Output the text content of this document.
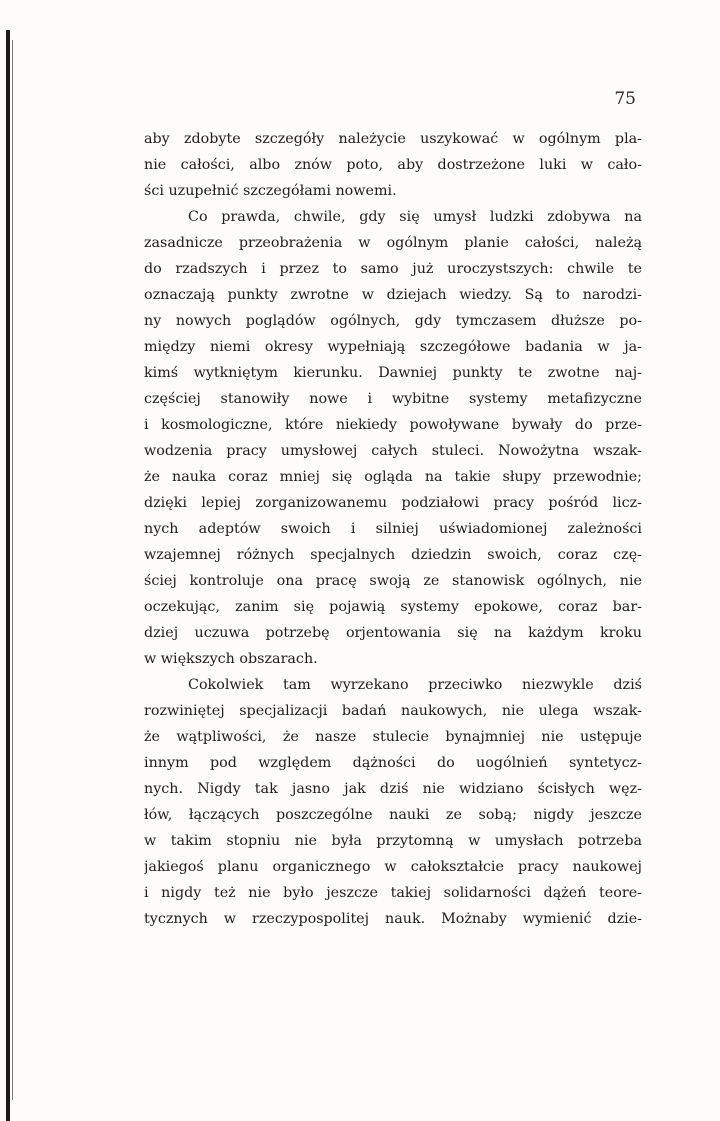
75
aby zdobyte szczegóły należycie uszykować w ogólnym pla-
nie całości, albo znów poto, aby dostrzeżone luki w cało-
ści uzupełnić szczegółami nowemi.
Co prawda, chwile, gdy się umysł ludzki zdobywa na
zasadnicze przeobrażenia w ogólnym planie całości, należą
do rzadszych i przez to samo już uroczystszych: chwile te
oznaczają punkty zwrotne w dziejach wiedzy. Są to narodzi-
ny nowych poglądów ogólnych, gdy tymczasem dłuższe po-
między niemi okresy wypełniają szczegółowe badania w ja-
kimś wytkniętym kierunku. Dawniej punkty te zwotne naj-
częściej stanowiły nowe i wybitne systemy metafizyczne
i kosmologiczne, które niekiedy powoływane bywały do prze-
wodzenia pracy umysłowej całych stuleci. Nowożytna wszak-
że nauka coraz mniej się ogląda na takie słupy przewodnie;
dzięki lepiej zorganizowanemu podziałowi pracy pośród licz-
nych adeptów swoich i silniej uświadomionej zależności
wzajemnej różnych specjalnych dziedzin swoich, coraz czę-
ściej kontroluje ona pracę swoją ze stanowisk ogólnych, nie
oczekując, zanim się pojawią systemy epokowe, coraz bar-
dziej uczuwa potrzebę orjentowania się na każdym kroku
w większych obszarach.
Cokolwiek tam wyrzekano przeciwko niezwykle dziś
rozwiniętej specjalizacji badań naukowych, nie ulega wszak-
że wątpliwości, że nasze stulecie bynajmniej nie ustępuje
innym pod względem dążności do uogólnień syntetycz-
nych. Nigdy tak jasno jak dziś nie widziano ścisłych węz-
łów, łączących poszczególne nauki ze sobą; nigdy jeszcze
w takim stopniu nie była przytomną w umysłach potrzeba
jakiegoś planu organicznego w całokształcie pracy naukowej
i nigdy też nie było jeszcze takiej solidarności dążeń teore-
tycznych w rzeczypospolitej nauk. Możnaby wymienić dzie-
